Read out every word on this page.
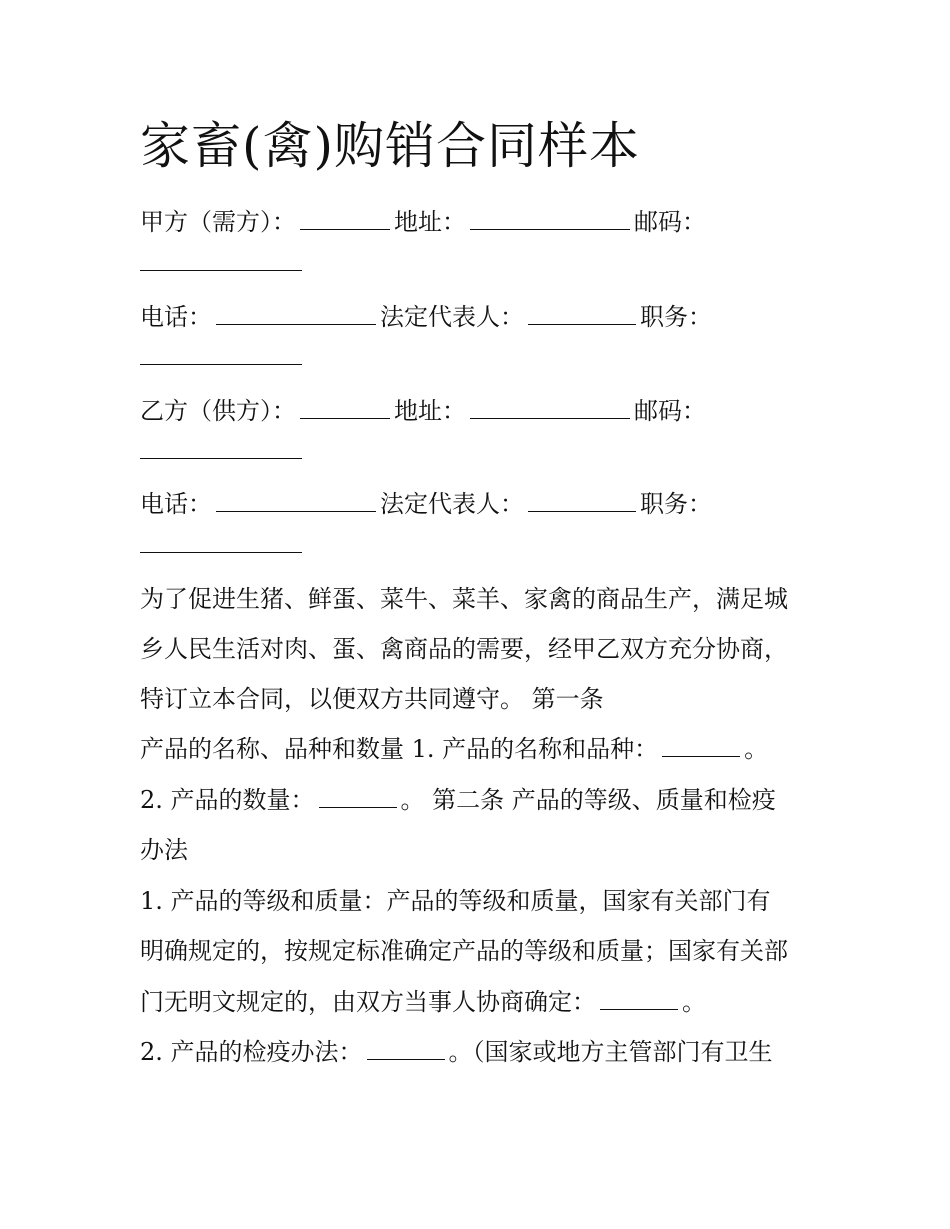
家畜(禽)购销合同样本
甲方（需方）：	地址：	邮码：
电话：	法定代表人：	职务：
乙方（供方）：	地址：	邮码：
电话：	法定代表人：	职务：
为了促进生猪、鲜蛋、菜牛、菜羊、家禽的商品生产，满足城
乡人民生活对肉、蛋、禽商品的需要，经甲乙双方充分协商，
特订立本合同，以便双方共同遵守。 第一条
产品的名称、品种和数量 1. 产品的名称和品种：	。
2. 产品的数量：	。 第二条 产品的等级、质量和检疫
办法
1. 产品的等级和质量：产品的等级和质量，国家有关部门有
明确规定的，按规定标准确定产品的等级和质量；国家有关部
门无明文规定的，由双方当事人协商确定：	。
2. 产品的检疫办法：	。（国家或地方主管部门有卫生
